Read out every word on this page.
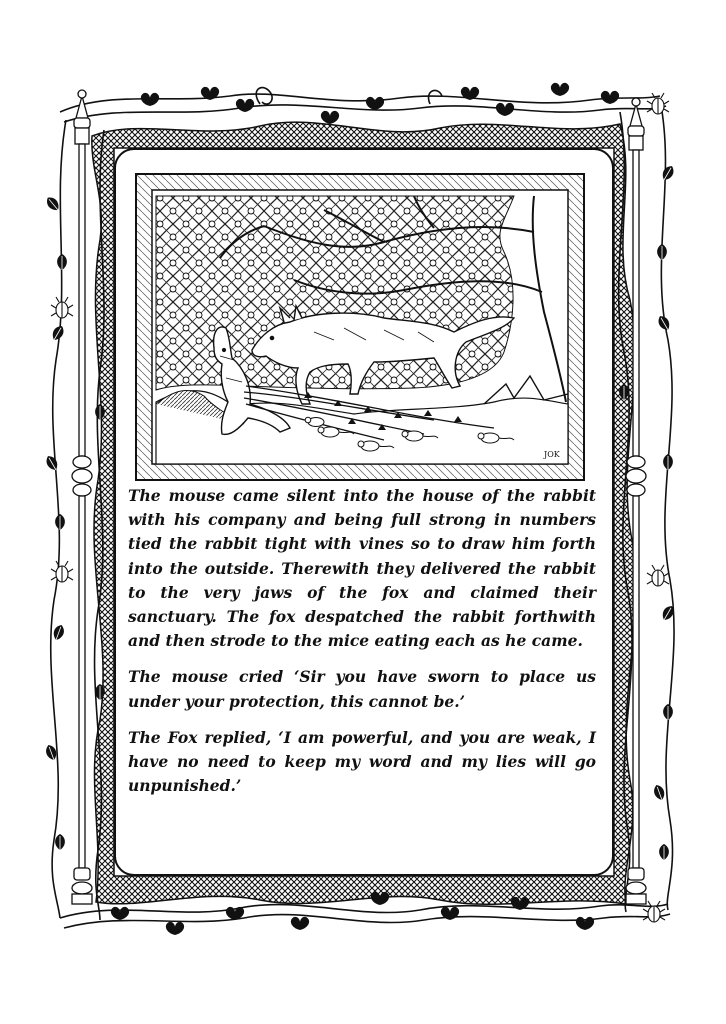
JOK

The mouse came silent into the house of the rabbit with his company and being full strong in numbers tied the rabbit tight with vines so to draw him forth into the outside. Therewith they delivered the rabbit to the very jaws of the fox and claimed their sanctuary. The fox despatched the rabbit forthwith and then strode to the mice eating each as he came.

The mouse cried ‘Sir you have sworn to place us under your protection, this cannot be.’

The Fox replied, ‘I am powerful, and you are weak, I have no need to keep my word and my lies will go unpunished.’
